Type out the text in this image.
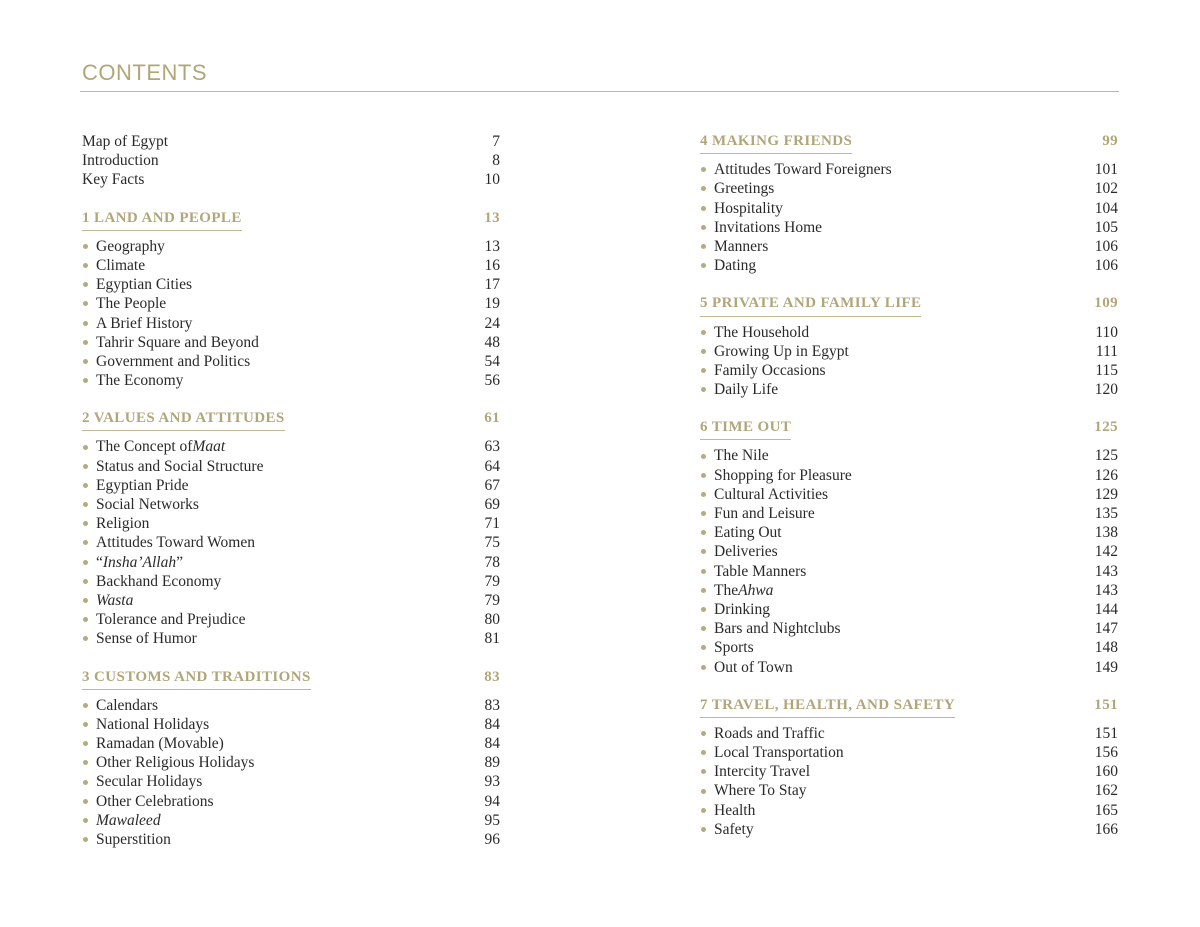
CONTENTS
Map of Egypt	7
Introduction	8
Key Facts	10
1 LAND AND PEOPLE	13
Geography	13
Climate	16
Egyptian Cities	17
The People	19
A Brief History	24
Tahrir Square and Beyond	48
Government and Politics	54
The Economy	56
2 VALUES AND ATTITUDES	61
The Concept of Maat	63
Status and Social Structure	64
Egyptian Pride	67
Social Networks	69
Religion	71
Attitudes Toward Women	75
“ Insha’Allah ”	78
Backhand Economy	79
Wasta	79
Tolerance and Prejudice	80
Sense of Humor	81
3 CUSTOMS AND TRADITIONS	83
Calendars	83
National Holidays	84
Ramadan (Movable)	84
Other Religious Holidays	89
Secular Holidays	93
Other Celebrations	94
Mawaleed	95
Superstition	96
4 MAKING FRIENDS	99
Attitudes Toward Foreigners	101
Greetings	102
Hospitality	104
Invitations Home	105
Manners	106
Dating	106
5 PRIVATE AND FAMILY LIFE	109
The Household	110
Growing Up in Egypt	111
Family Occasions	115
Daily Life	120
6 TIME OUT	125
The Nile	125
Shopping for Pleasure	126
Cultural Activities	129
Fun and Leisure	135
Eating Out	138
Deliveries	142
Table Manners	143
The Ahwa	143
Drinking	144
Bars and Nightclubs	147
Sports	148
Out of Town	149
7 TRAVEL, HEALTH, AND SAFETY	151
Roads and Traffic	151
Local Transportation	156
Intercity Travel	160
Where To Stay	162
Health	165
Safety	166
